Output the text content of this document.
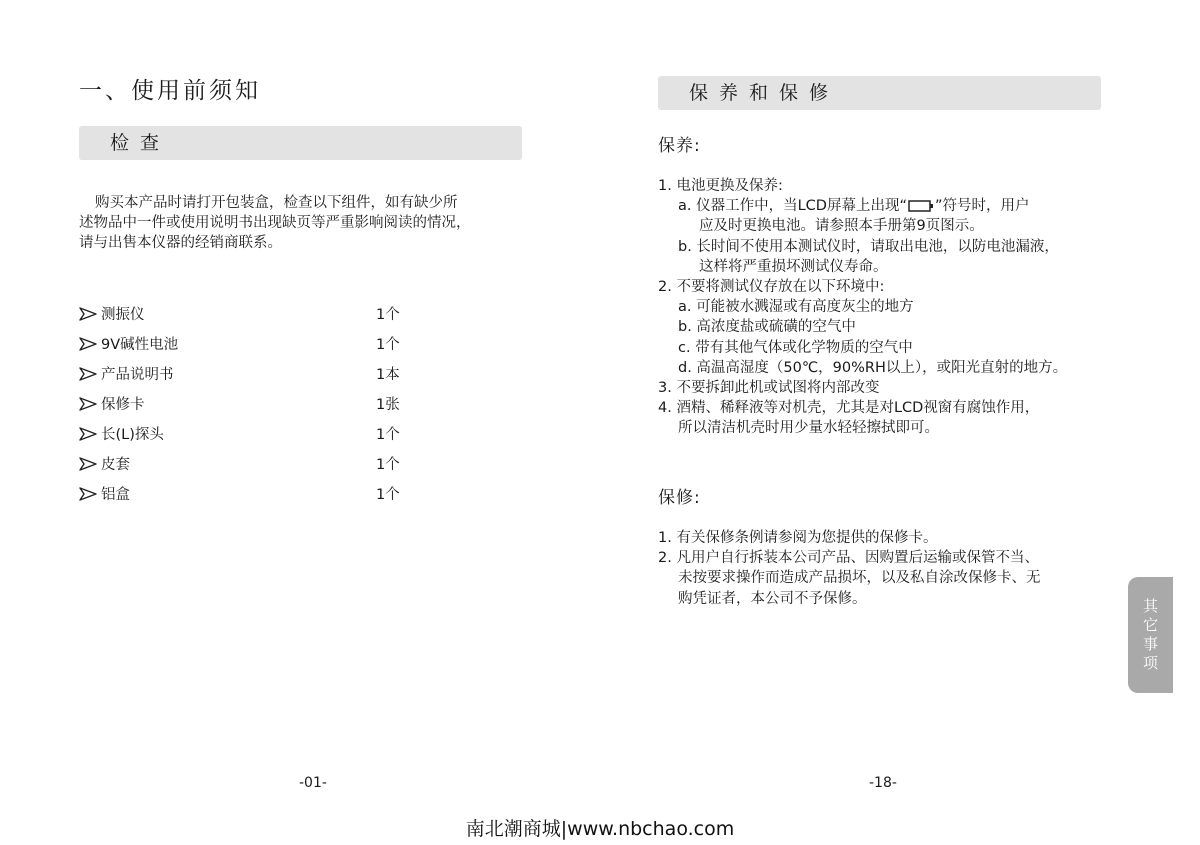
一、使用前须知
检查

购买本产品时请打开包装盒，检查以下组件，如有缺少所

述物品中一件或使用说明书出现缺页等严重影响阅读的情况，

请与出售本仪器的经销商联系。

测振仪	1个
9V碱性电池	1个
产品说明书	1本
保修卡	1张
长(L)探头	1个
皮套	1个
铝盒	1个
-01-
保养和保修
保养:
1. 电池更换及保养:
a. 仪器工作中，当LCD屏幕上出现“ ”符号时，用户
应及时更换电池。请参照本手册第9页图示。
b. 长时间不使用本测试仪时，请取出电池，以防电池漏液，
这样将严重损坏测试仪寿命。
2. 不要将测试仪存放在以下环境中:
a. 可能被水溅湿或有高度灰尘的地方
b. 高浓度盐或硫磺的空气中
c. 带有其他气体或化学物质的空气中
d. 高温高湿度（50℃，90%RH以上），或阳光直射的地方。
3. 不要拆卸此机或试图将内部改变
4. 酒精、稀释液等对机壳，尤其是对LCD视窗有腐蚀作用，
所以清洁机壳时用少量水轻轻擦拭即可。
保修:
1. 有关保修条例请参阅为您提供的保修卡。
2. 凡用户自行拆装本公司产品、因购置后运输或保管不当、
未按要求操作而造成产品损坏，以及私自涂改保修卡、无
购凭证者，本公司不予保修。
-18-
其
它
事
项
南北潮商城|www.nbchao.com
